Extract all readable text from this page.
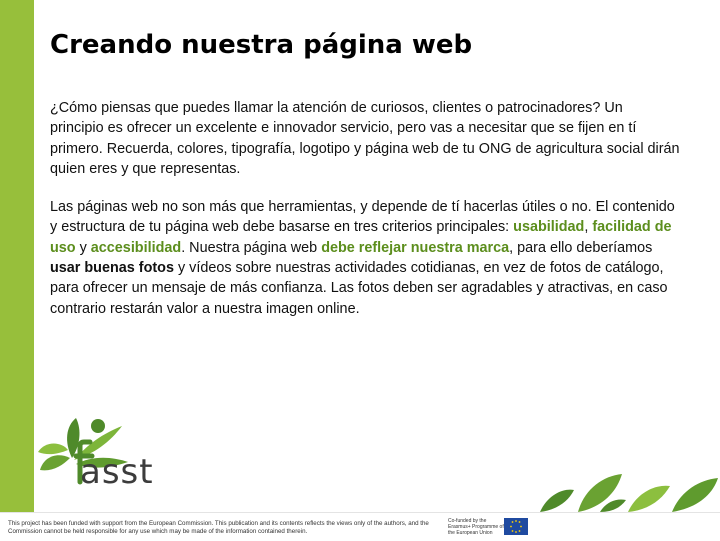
Creando nuestra página web

¿Cómo piensas que puedes llamar la atención de curiosos, clientes o patrocinadores? Un principio es ofrecer un excelente e innovador servicio, pero vas a necesitar que se fijen en tí primero. Recuerda, colores, tipografía, logotipo y página web de tu ONG de agricultura social dirán quien eres y que representas.

Las páginas web no son más que herramientas, y depende de tí hacerlas útiles o no. El contenido y estructura de tu página web debe basarse en tres criterios principales: usabilidad, facilidad de uso y accesibilidad. Nuestra página web debe reflejar nuestra marca, para ello deberíamos usar buenas fotos y vídeos sobre nuestras actividades cotidianas, en vez de fotos de catálogo, para ofrecer un mensaje de más confianza. Las fotos deben ser agradables y atractivas, en caso contrario restarán valor a nuestra imagen online.

asst
This project has been funded with support from the European Commission. This publication and its contents reflects the views only of the authors, and the Commission cannot be held responsible for any use which may be made of the information contained therein.
Co-funded by the Erasmus+ Programme of the European Union
